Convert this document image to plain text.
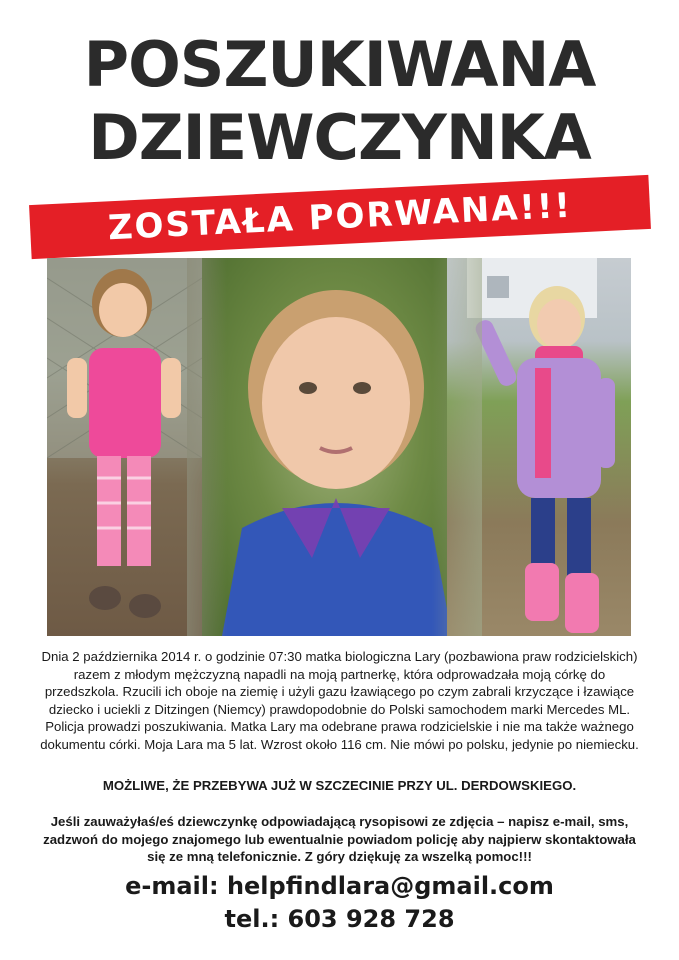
POSZUKIWANA
DZIEWCZYNKA
ZOSTAŁA PORWANA!!!

Dnia 2 października 2014 r. o godzinie 07:30 matka biologiczna Lary (pozbawiona praw rodzicielskich) razem z młodym mężczyzną napadli na moją partnerkę, która odprowadzała moją córkę do przedszkola. Rzucili ich oboje na ziemię i użyli gazu łzawiącego po czym zabrali krzyczące i łzawiące dziecko i uciekli z Ditzingen (Niemcy) prawdopodobnie do Polski samochodem marki Mercedes ML. Policja prowadzi poszukiwania. Matka Lary ma odebrane prawa rodzicielskie i nie ma także ważnego dokumentu córki. Moja Lara ma 5 lat. Wzrost około 116 cm. Nie mówi po polsku, jedynie po niemiecku.

MOŻLIWE, ŻE PRZEBYWA JUŻ W SZCZECINIE PRZY UL. DERDOWSKIEGO.

Jeśli zauważyłaś/eś dziewczynkę odpowiadającą rysopisowi ze zdjęcia – napisz e-mail, sms, zadzwoń do mojego znajomego lub ewentualnie powiadom policję aby najpierw skontaktowała się ze mną telefonicznie. Z góry dziękuję za wszelką pomoc!!!

e-mail: helpfindlara@gmail.com

tel.: 603 928 728
